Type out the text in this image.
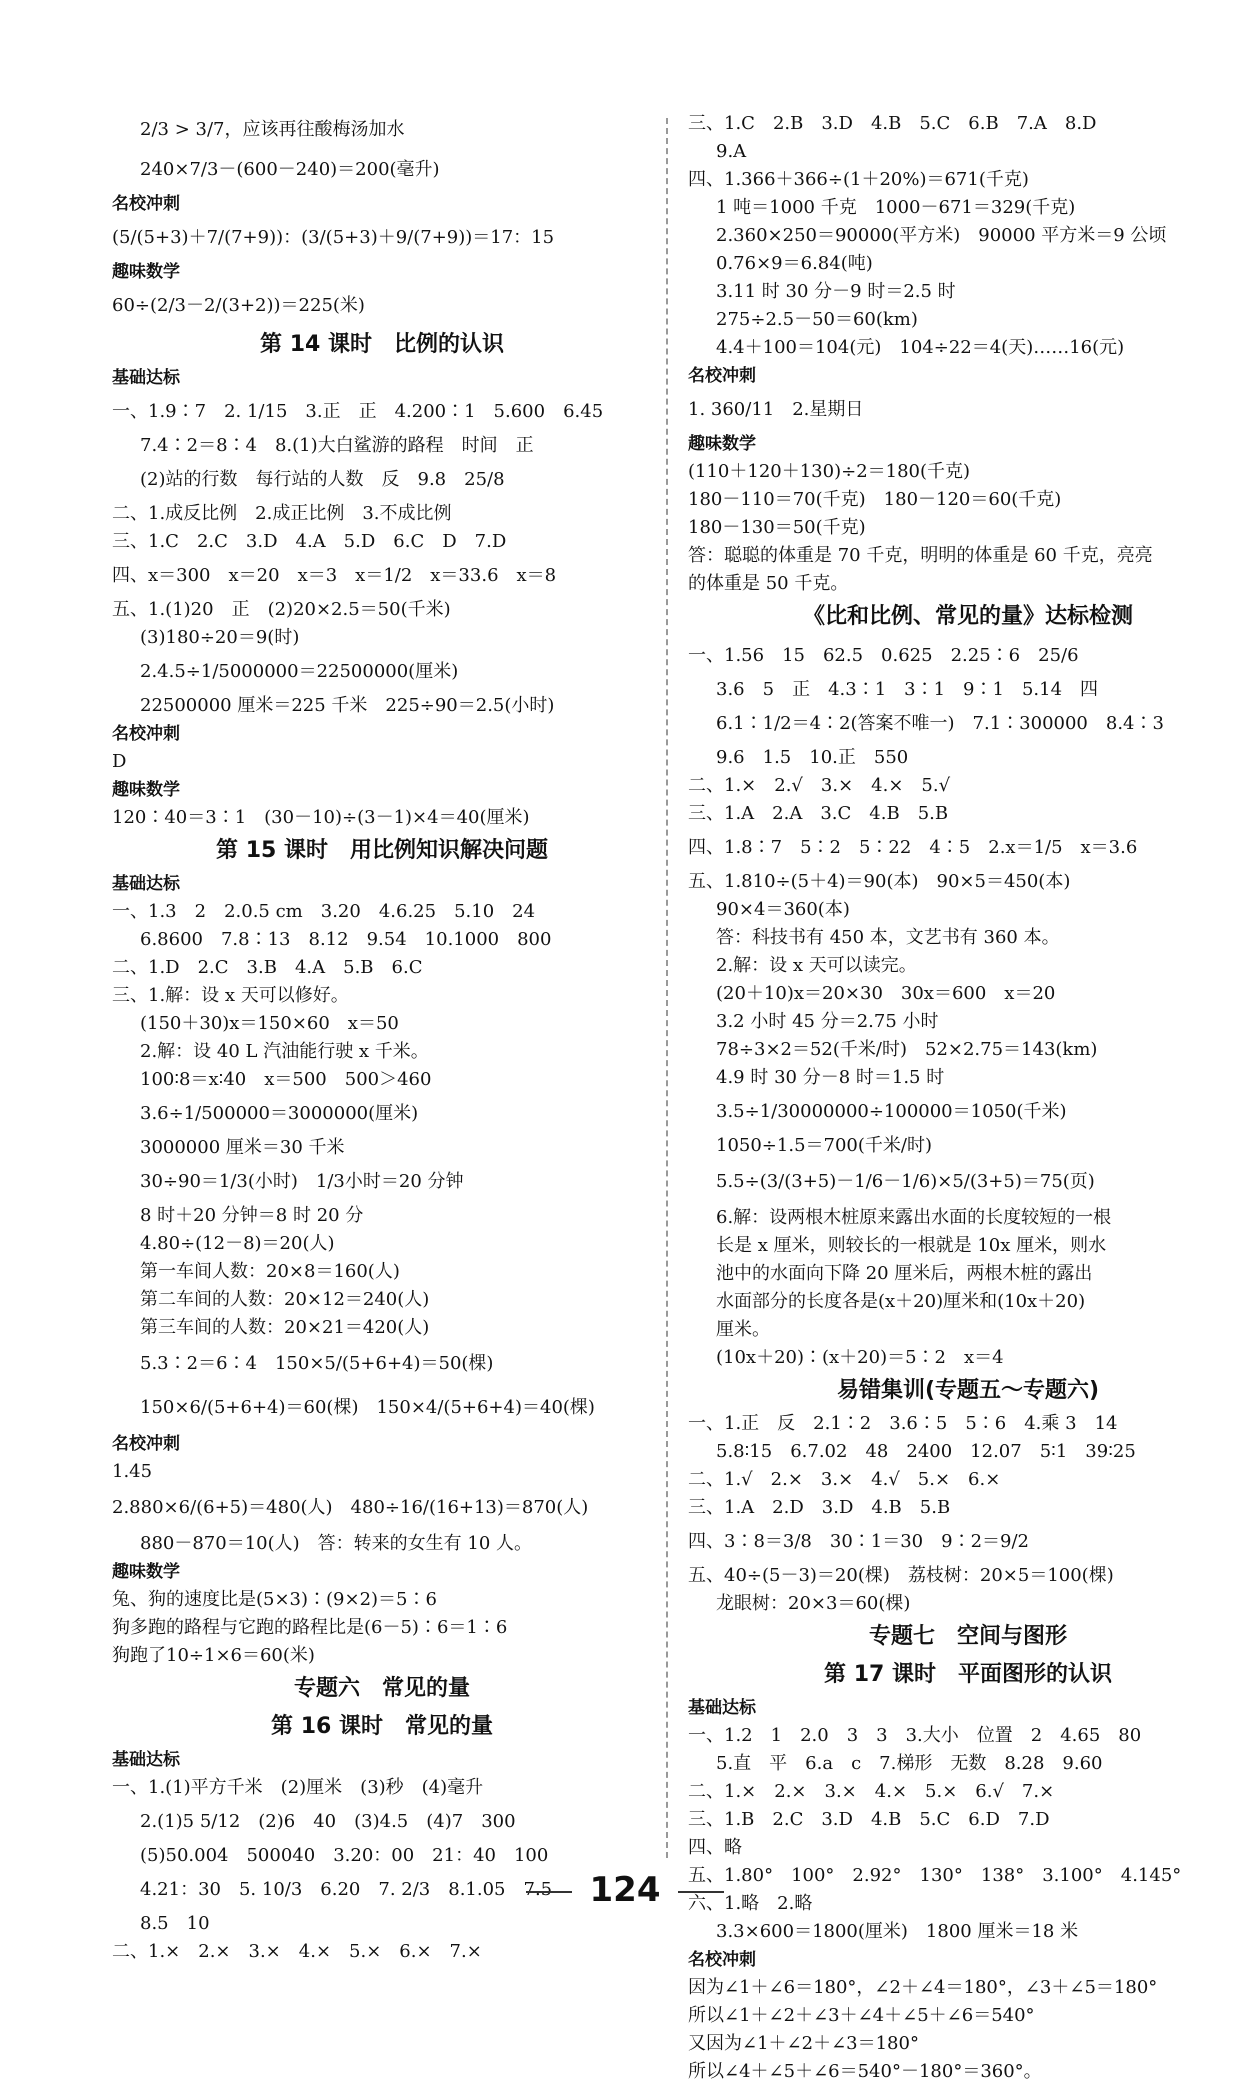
2/3 > 3/7，应该再往酸梅汤加水
240×7/3－(600－240)＝200(毫升)
名校冲刺
(5/(5+3)＋7/(7+9))：(3/(5+3)＋9/(7+9))＝17：15
趣味数学
60÷(2/3－2/(3+2))＝225(米)
第 14 课时　比例的认识
基础达标
一、1.9∶7　2. 1/15　3.正　正　4.200∶1　5.600　6.45
7.4∶2＝8∶4　8.(1)大白鲨游的路程　时间　正
(2)站的行数　每行站的人数　反　9.8　25/8
二、1.成反比例　2.成正比例　3.不成比例
三、1.C　2.C　3.D　4.A　5.D　6.C　D　7.D
四、x＝300　x＝20　x＝3　x＝1/2　x＝33.6　x＝8
五、1.(1)20　正　(2)20×2.5＝50(千米)
(3)180÷20＝9(时)
2.4.5÷1/5000000＝22500000(厘米)
22500000 厘米＝225 千米　225÷90＝2.5(小时)
名校冲刺
D
趣味数学
120∶40＝3∶1　(30－10)÷(3－1)×4＝40(厘米)
第 15 课时　用比例知识解决问题
基础达标
一、1.3　2　2.0.5 cm　3.20　4.6.25　5.10　24
6.8600　7.8∶13　8.12　9.54　10.1000　800
二、1.D　2.C　3.B　4.A　5.B　6.C
三、1.解：设 x 天可以修好。
(150＋30)x＝150×60　x＝50
2.解：设 40 L 汽油能行驶 x 千米。
100∶8＝x∶40　x＝500　500＞460
3.6÷1/500000＝3000000(厘米)
3000000 厘米＝30 千米
30÷90＝1/3(小时)　1/3小时＝20 分钟
8 时＋20 分钟＝8 时 20 分
4.80÷(12－8)＝20(人)
第一车间人数：20×8＝160(人)
第二车间的人数：20×12＝240(人)
第三车间的人数：20×21＝420(人)
5.3∶2＝6∶4　150×5/(5+6+4)＝50(棵)
150×6/(5+6+4)＝60(棵)　150×4/(5+6+4)＝40(棵)
名校冲刺
1.45
2.880×6/(6+5)＝480(人)　480÷16/(16+13)＝870(人)
880－870＝10(人)　答：转来的女生有 10 人。
趣味数学
兔、狗的速度比是(5×3)∶(9×2)＝5∶6
狗多跑的路程与它跑的路程比是(6－5)∶6＝1∶6
狗跑了10÷1×6＝60(米)
专题六　常见的量
第 16 课时　常见的量
基础达标
一、1.(1)平方千米　(2)厘米　(3)秒　(4)毫升
2.(1)5 5/12　(2)6　40　(3)4.5　(4)7　300
(5)50.004　500040　3.20：00　21：40　100
4.21：30　5. 10/3　6.20　7. 2/3　8.1.05　7.5
8.5　10
二、1.×　2.×　3.×　4.×　5.×　6.×　7.×
三、1.C　2.B　3.D　4.B　5.C　6.B　7.A　8.D
9.A
四、1.366＋366÷(1＋20%)＝671(千克)
1 吨＝1000 千克　1000－671＝329(千克)
2.360×250＝90000(平方米)　90000 平方米＝9 公顷
0.76×9＝6.84(吨)
3.11 时 30 分－9 时＝2.5 时
275÷2.5－50＝60(km)
4.4＋100＝104(元)　104÷22＝4(天)……16(元)
名校冲刺
1. 360/11　2.星期日
趣味数学
(110＋120＋130)÷2＝180(千克)
180－110＝70(千克)　180－120＝60(千克)
180－130＝50(千克)
答：聪聪的体重是 70 千克，明明的体重是 60 千克，亮亮
的体重是 50 千克。
《比和比例、常见的量》达标检测
一、1.56　15　62.5　0.625　2.25∶6　25/6
3.6　5　正　4.3∶1　3∶1　9∶1　5.14　四
6.1∶1/2＝4∶2(答案不唯一)　7.1∶300000　8.4∶3
9.6　1.5　10.正　550
二、1.×　2.√　3.×　4.×　5.√
三、1.A　2.A　3.C　4.B　5.B
四、1.8∶7　5∶2　5∶22　4∶5　2.x＝1/5　x＝3.6
五、1.810÷(5＋4)＝90(本)　90×5＝450(本)
90×4＝360(本)
答：科技书有 450 本，文艺书有 360 本。
2.解：设 x 天可以读完。
(20＋10)x＝20×30　30x＝600　x＝20
3.2 小时 45 分＝2.75 小时
78÷3×2＝52(千米/时)　52×2.75＝143(km)
4.9 时 30 分－8 时＝1.5 时
3.5÷1/30000000÷100000＝1050(千米)
1050÷1.5＝700(千米/时)
5.5÷(3/(3+5)－1/6－1/6)×5/(3+5)＝75(页)
6.解：设两根木桩原来露出水面的长度较短的一根
长是 x 厘米，则较长的一根就是 10x 厘米，则水
池中的水面向下降 20 厘米后，两根木桩的露出
水面部分的长度各是(x＋20)厘米和(10x＋20)
厘米。
(10x＋20)∶(x＋20)＝5∶2　x＝4
易错集训(专题五～专题六)
一、1.正　反　2.1∶2　3.6∶5　5∶6　4.乘 3　14
5.8∶15　6.7.02　48　2400　12.07　5∶1　39∶25
二、1.√　2.×　3.×　4.√　5.×　6.×
三、1.A　2.D　3.D　4.B　5.B
四、3∶8＝3/8　30∶1＝30　9∶2＝9/2
五、40÷(5－3)＝20(棵)　荔枝树：20×5＝100(棵)
龙眼树：20×3＝60(棵)
专题七　空间与图形
第 17 课时　平面图形的认识
基础达标
一、1.2　1　2.0　3　3　3.大小　位置　2　4.65　80
5.直　平　6.a　c　7.梯形　无数　8.28　9.60
二、1.×　2.×　3.×　4.×　5.×　6.√　7.×
三、1.B　2.C　3.D　4.B　5.C　6.D　7.D
四、略
五、1.80°　100°　2.92°　130°　138°　3.100°　4.145°
六、1.略　2.略
3.3×600＝1800(厘米)　1800 厘米＝18 米
名校冲刺
因为∠1＋∠6＝180°，∠2＋∠4＝180°，∠3＋∠5＝180°
所以∠1＋∠2＋∠3＋∠4＋∠5＋∠6＝540°
又因为∠1＋∠2＋∠3＝180°
所以∠4＋∠5＋∠6＝540°－180°＝360°。
124
